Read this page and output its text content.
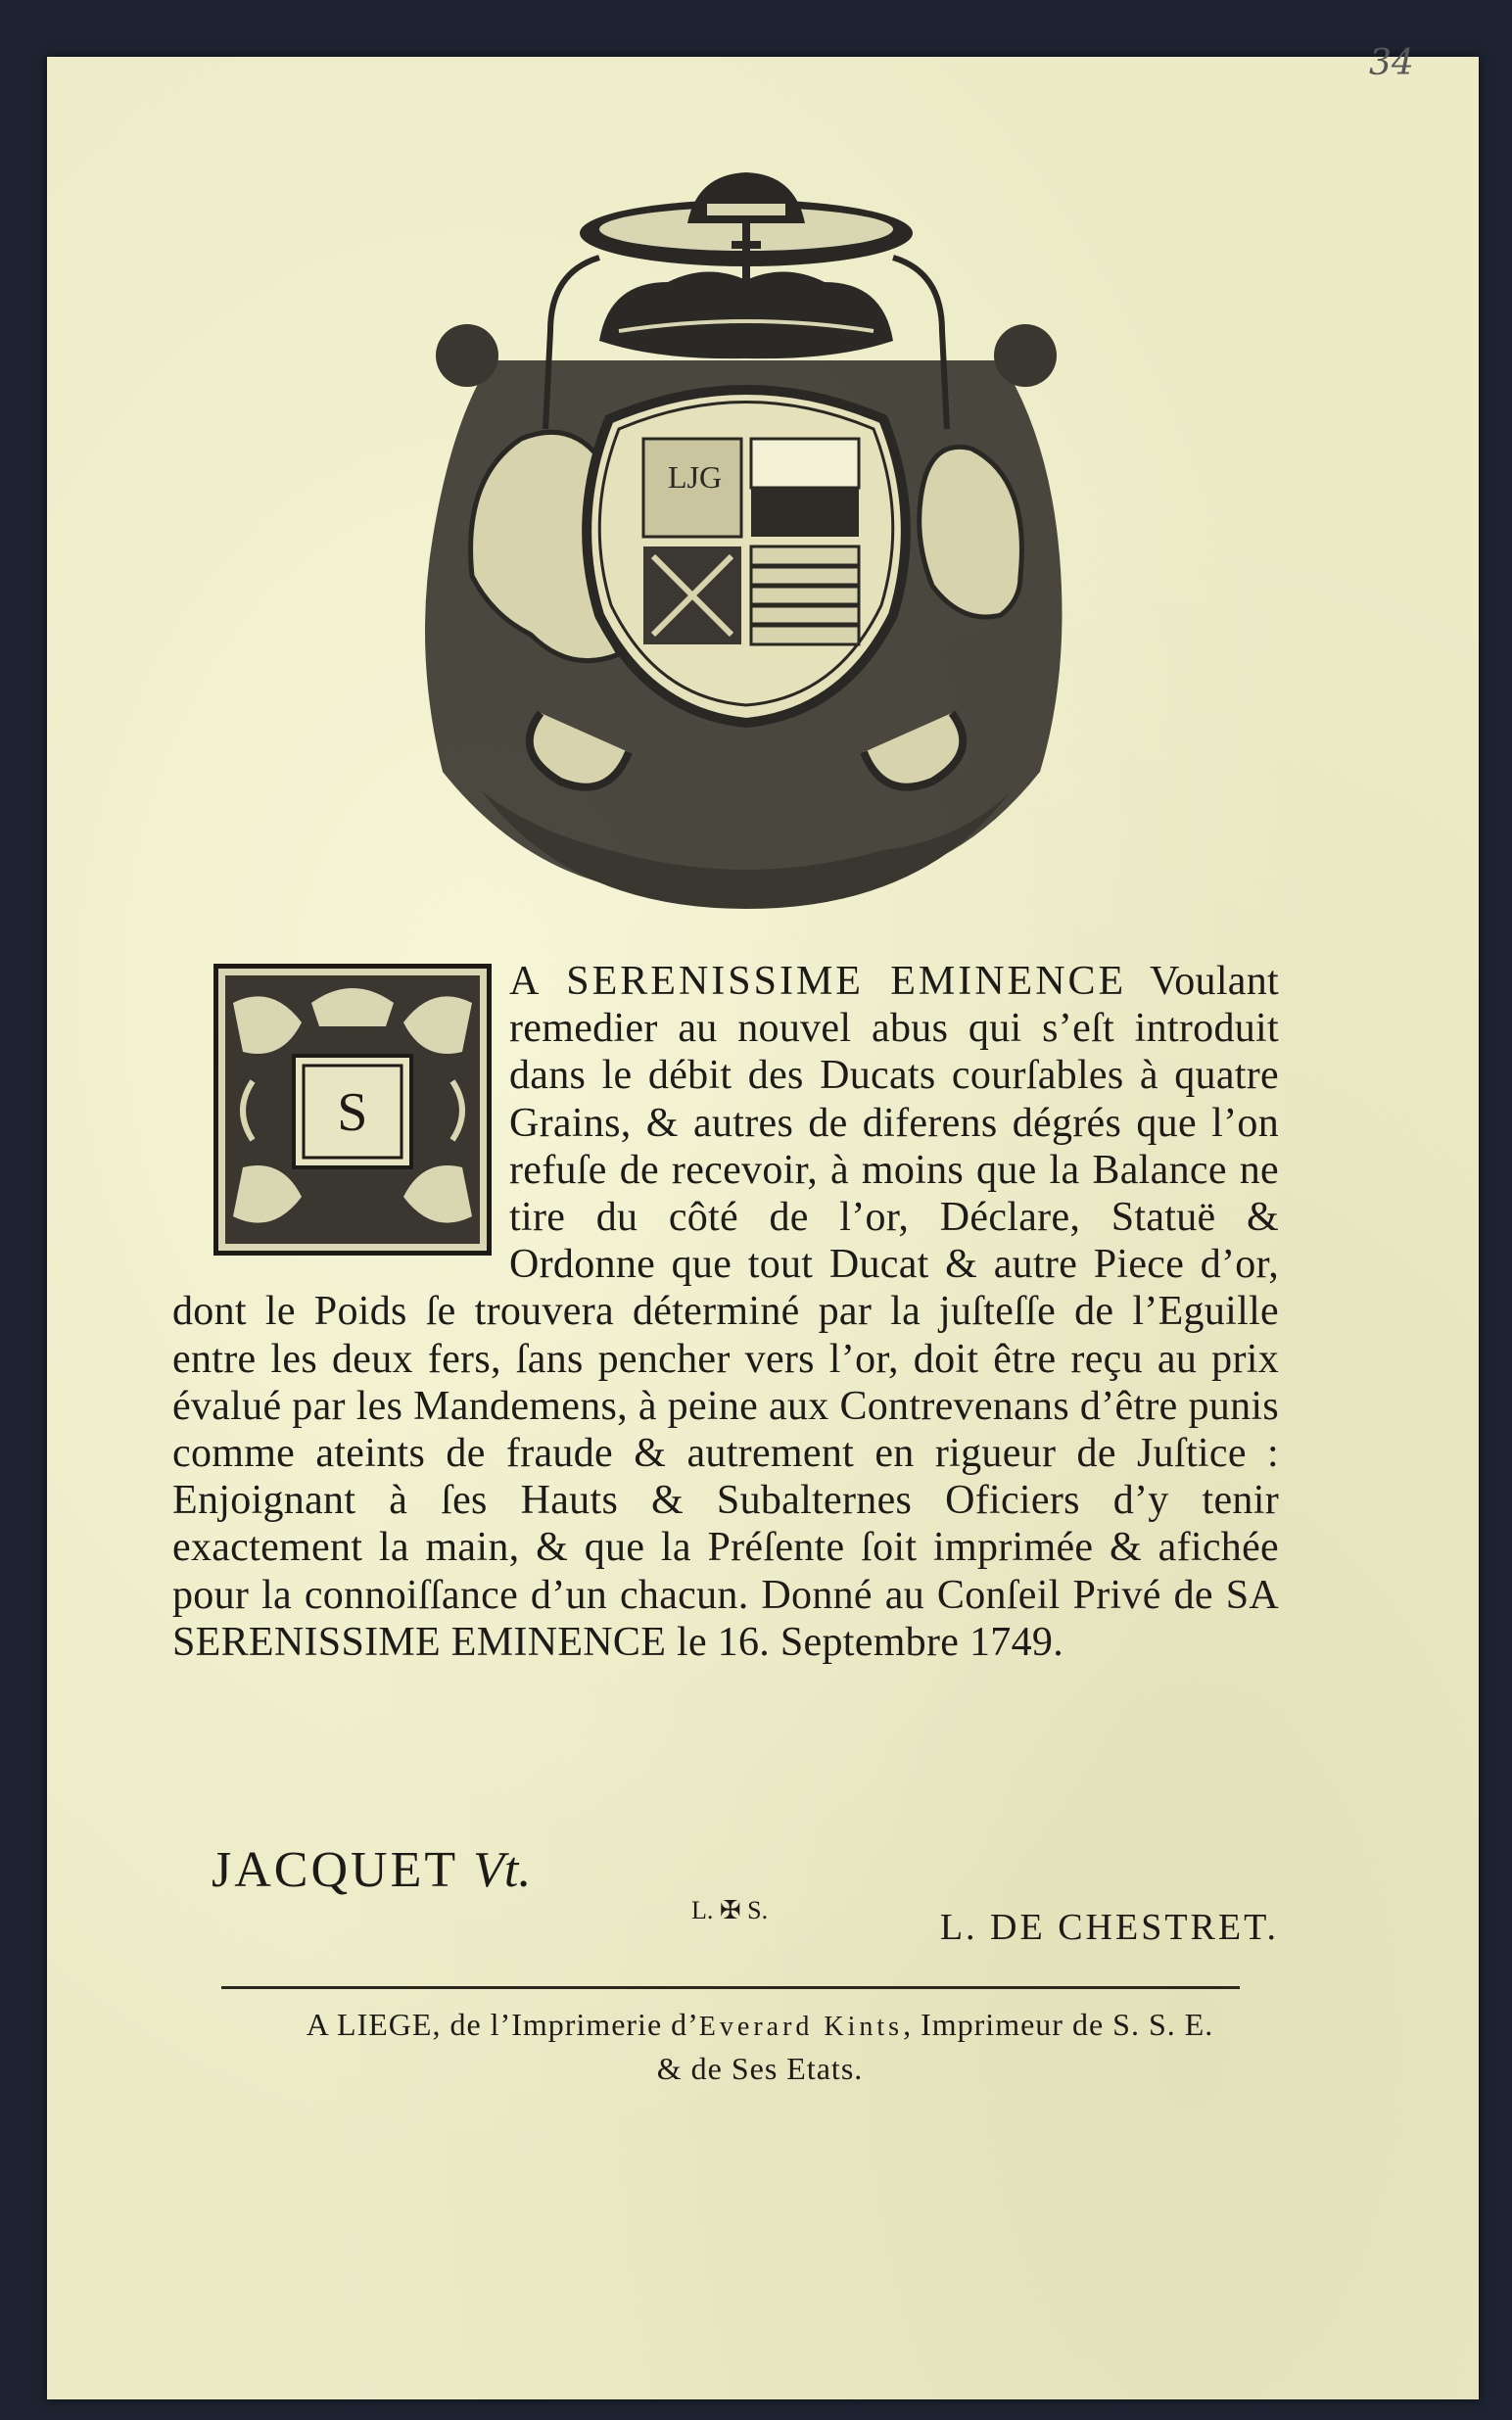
34
LJG
S
A SERENISSIME EMINENCE Voulant remedier au nouvel abus qui s’eſt introduit dans le débit des Ducats courſables à quatre Grains, & autres de diferens dégrés que l’on refuſe de recevoir, à moins que la Balance ne tire du côté de l’or, Déclare, Statuë & Ordonne que tout Ducat & autre Piece d’or, dont le Poids ſe trouvera déterminé par la juſteſſe de l’Eguille entre les deux fers, ſans pencher vers l’or, doit être reçu au prix évalué par les Mandemens, à peine aux Contrevenans d’être punis comme ateints de fraude & autrement en rigueur de Juſtice : Enjoignant à ſes Hauts & Subalternes Oficiers d’y tenir exactement la main, & que la Préſente ſoit imprimée & afichée pour la connoiſſance d’un chacun. Donné au Conſeil Privé de SA SERENISSIME EMINENCE le 16. Septembre 1749.
JACQUET Vt.
L. ✠ S.	L. DE CHESTRET.
A LIEGE, de l’Imprimerie d’Everard Kints, Imprimeur de S. S. E.
& de Ses Etats.
